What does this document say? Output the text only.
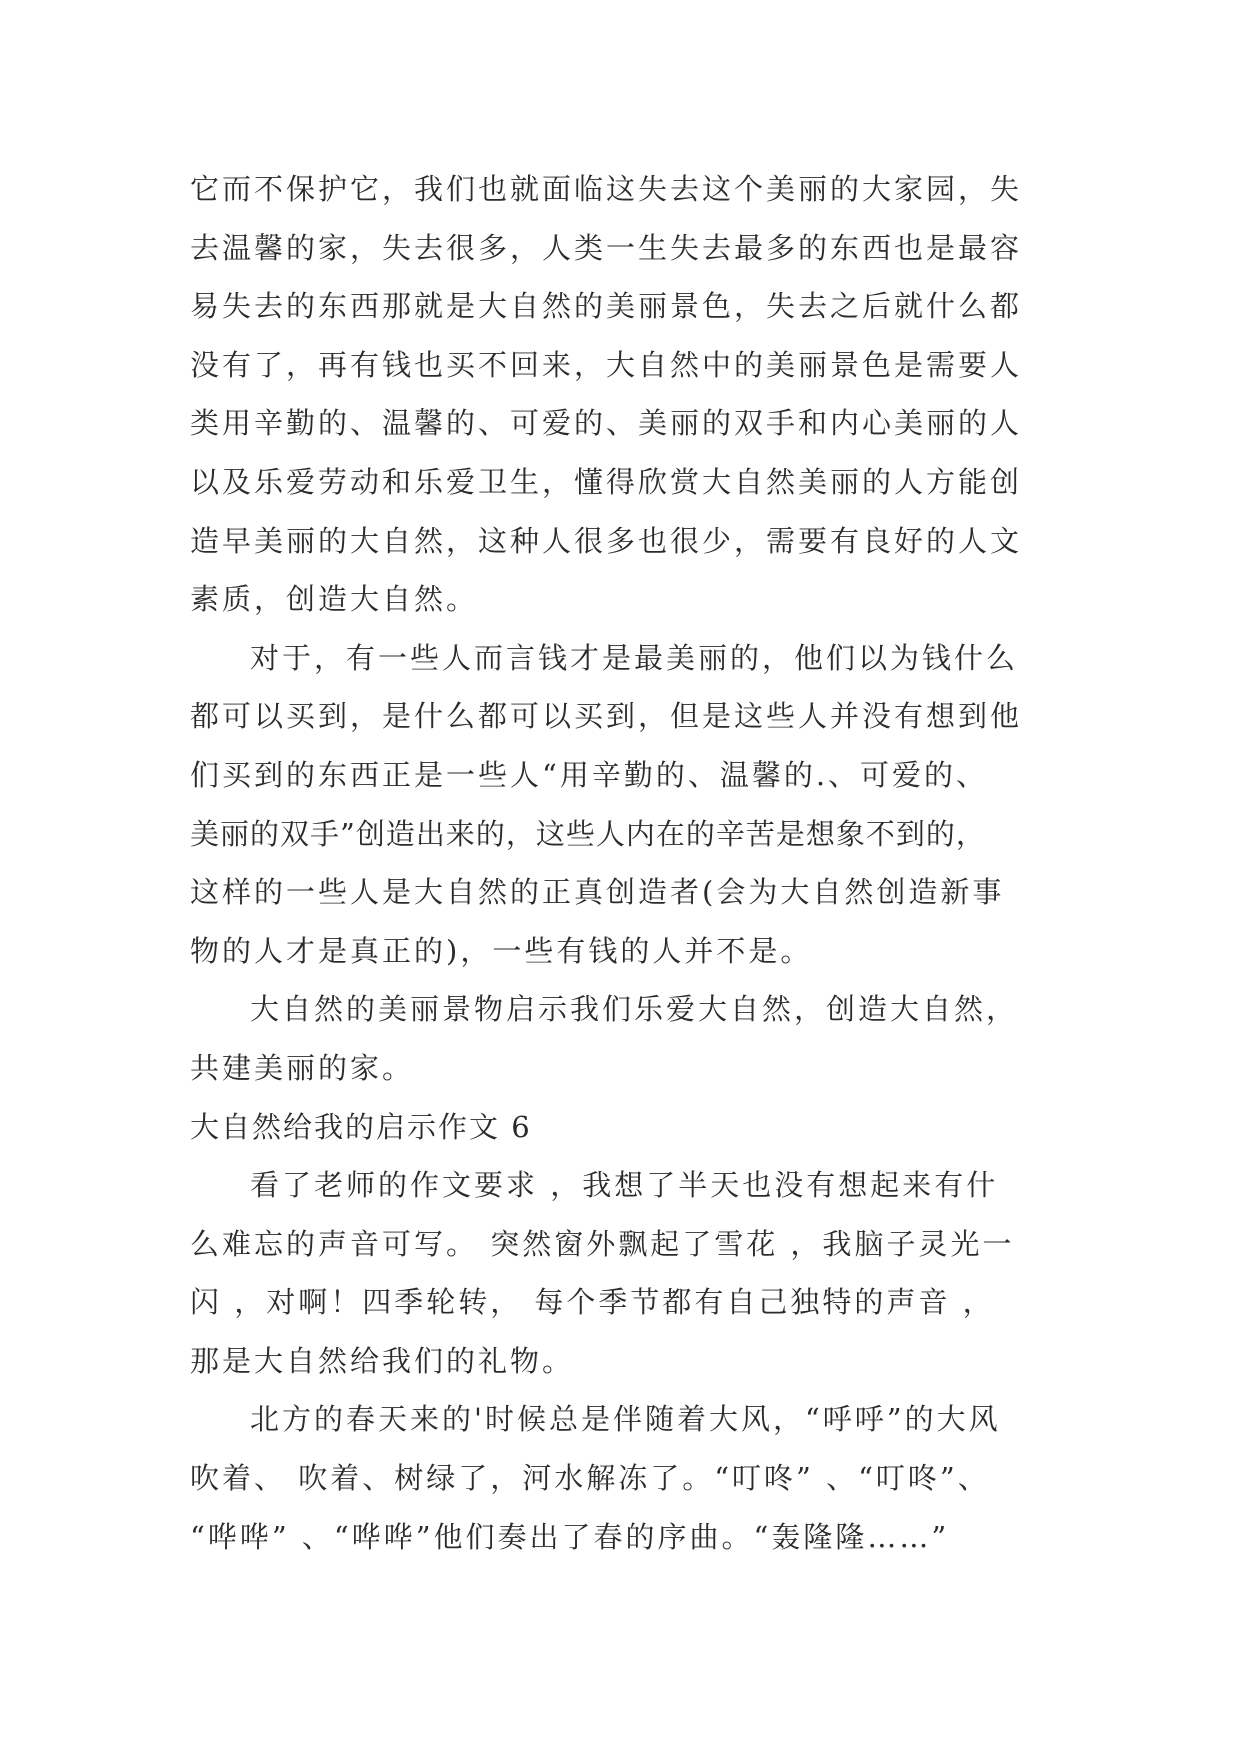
它而不保护它，我们也就面临这失去这个美丽的大家园，失

去温馨的家，失去很多，人类一生失去最多的东西也是最容

易失去的东西那就是大自然的美丽景色，失去之后就什么都

没有了，再有钱也买不回来，大自然中的美丽景色是需要人

类用辛勤的、温馨的、可爱的、美丽的双手和内心美丽的人

以及乐爱劳动和乐爱卫生，懂得欣赏大自然美丽的人方能创

造早美丽的大自然，这种人很多也很少，需要有良好的人文

素质，创造大自然。

对于，有一些人而言钱才是最美丽的，他们以为钱什么

都可以买到，是什么都可以买到，但是这些人并没有想到他

们买到的东西正是一些人“用辛勤的、温馨的.、可爱的、

美丽的双手”创造出来的，这些人内在的辛苦是想象不到的，

这样的一些人是大自然的正真创造者(会为大自然创造新事

物的人才是真正的)，一些有钱的人并不是。

大自然的美丽景物启示我们乐爱大自然，创造大自然，

共建美丽的家。

大自然给我的启示作文 6

看了老师的作文要求 ，我想了半天也没有想起来有什

么难忘的声音可写。 突然窗外飘起了雪花 ，我脑子灵光一

闪 ，对啊！四季轮转， 每个季节都有自己独特的声音 ，

那是大自然给我们的礼物。

北方的春天来的'时候总是伴随着大风，“呼呼”的大风

吹着、 吹着、树绿了，河水解冻了。“叮咚” 、“叮咚”、

“哗哗” 、“哗哗”他们奏出了春的序曲。“轰隆隆……”
